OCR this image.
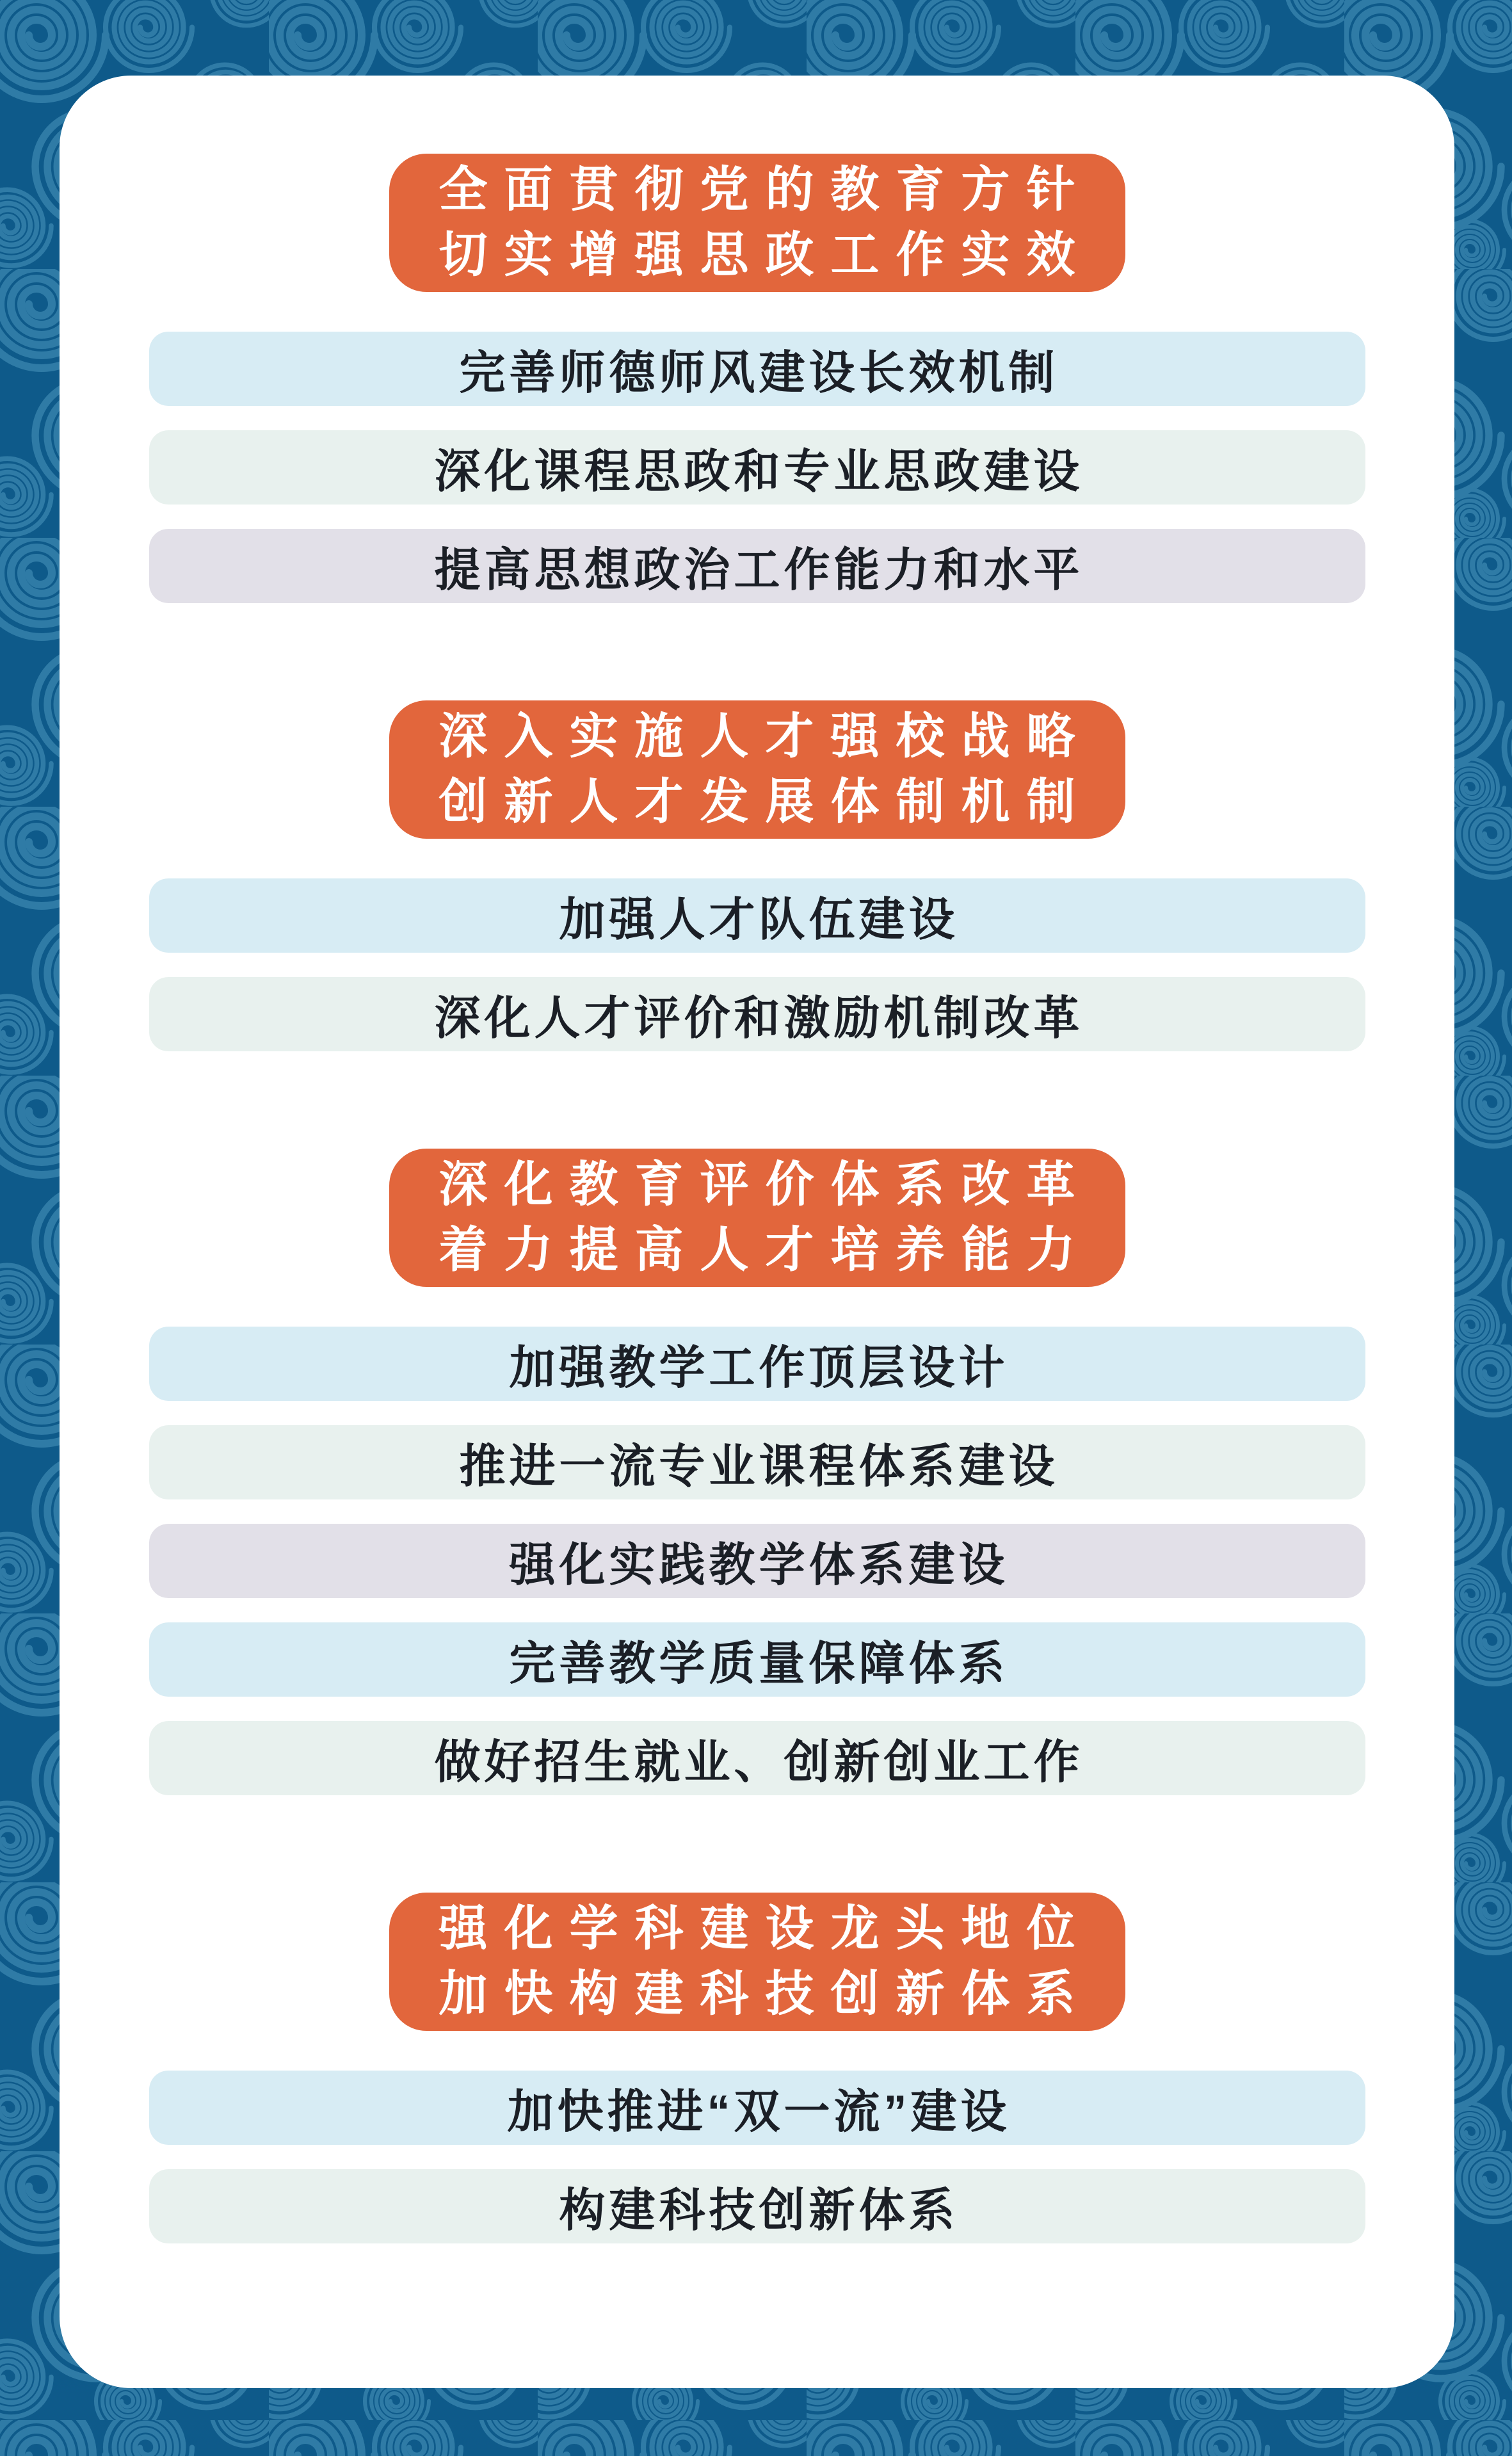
全面贯彻党的教育方针
切实增强思政工作实效
完善师德师风建设长效机制
深化课程思政和专业思政建设
提高思想政治工作能力和水平
深入实施人才强校战略
创新人才发展体制机制
加强人才队伍建设
深化人才评价和激励机制改革
深化教育评价体系改革
着力提高人才培养能力
加强教学工作顶层设计
推进一流专业课程体系建设
强化实践教学体系建设
完善教学质量保障体系
做好招生就业、创新创业工作
强化学科建设龙头地位
加快构建科技创新体系
加快推进“双一流”建设
构建科技创新体系
